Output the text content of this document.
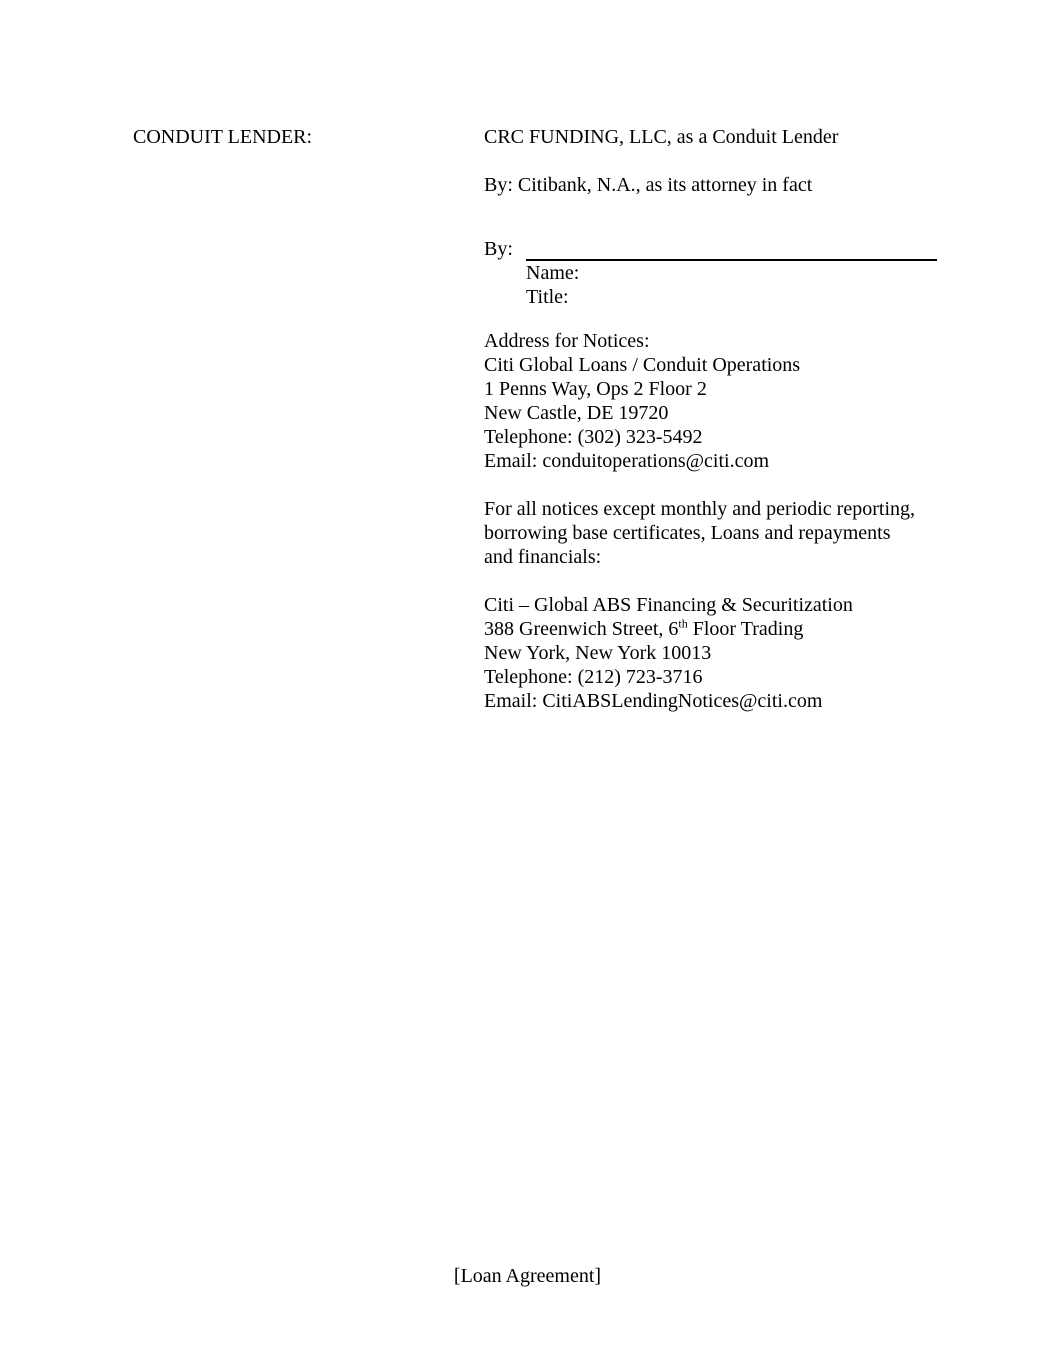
CONDUIT LENDER:	CRC FUNDING, LLC, as a Conduit Lender
By: Citibank, N.A., as its attorney in fact
By:
Name:
Title:
Address for Notices:
Citi Global Loans / Conduit Operations
1 Penns Way, Ops 2 Floor 2
New Castle, DE 19720
Telephone: (302) 323-5492
Email: conduitoperations@citi.com
For all notices except monthly and periodic reporting,
borrowing base certificates, Loans and repayments
and financials:
Citi – Global ABS Financing & Securitization
388 Greenwich Street, 6th Floor Trading
New York, New York 10013
Telephone: (212) 723-3716
Email: CitiABSLendingNotices@citi.com
[Loan Agreement]
